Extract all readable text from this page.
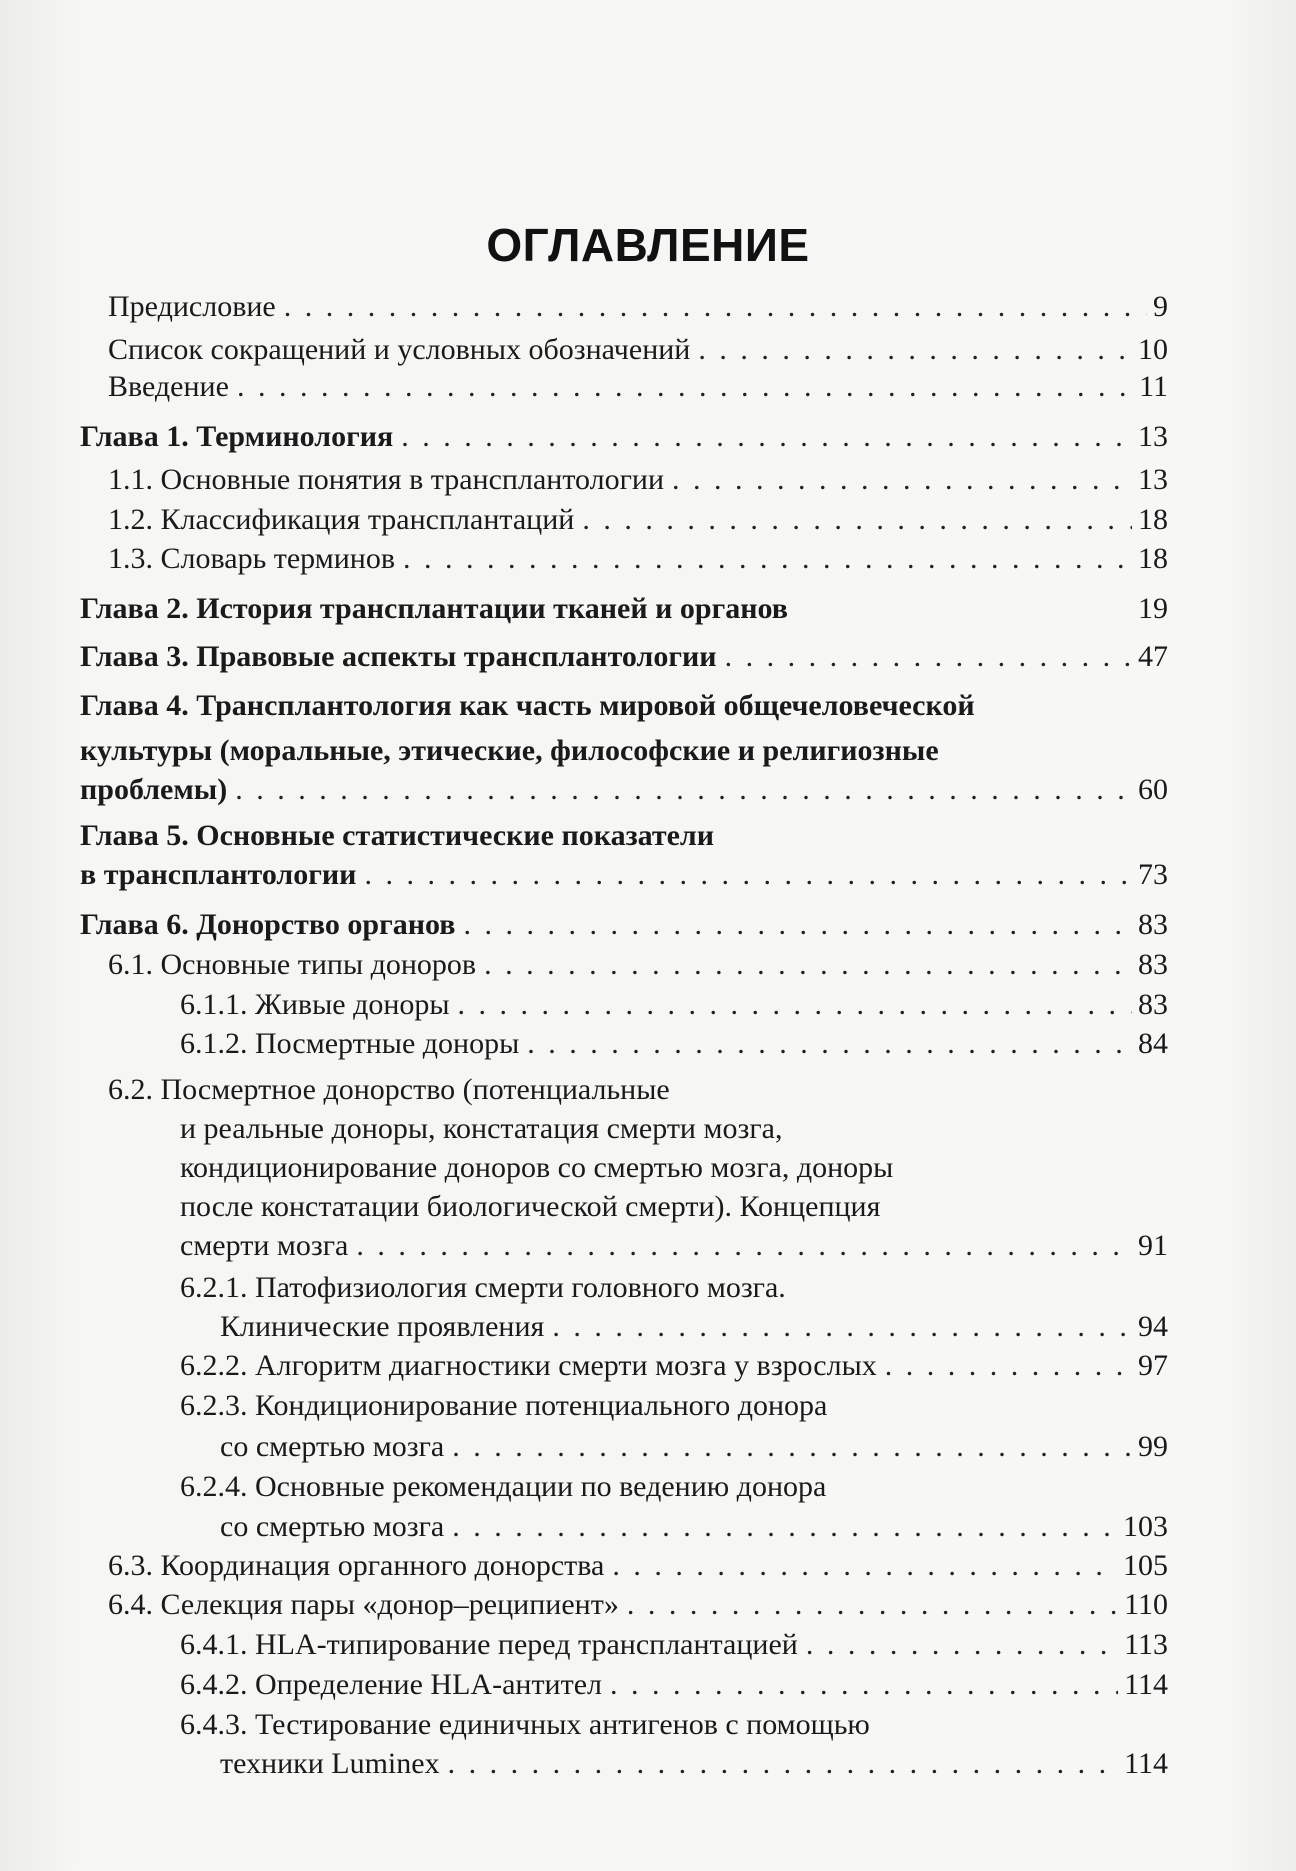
ОГЛАВЛЕНИЕ
Предисловие . . .	9
Список сокращений и условных обозначений . . .	10
Введение . . .	11
Глава 1. Терминология . . .	13
1.1. Основные понятия в трансплантологии . . .	13
1.2. Классификация трансплантаций . . .	18
1.3. Словарь терминов . . .	18
Глава 2. История трансплантации тканей и органов	19
Глава 3. Правовые аспекты трансплантологии . . .	47
Глава 4. Трансплантология как часть мировой общечеловеческой
культуры (моральные, этические, философские и религиозные
проблемы) . . .	60
Глава 5. Основные статистические показатели
в трансплантологии . . .	73
Глава 6. Донорство органов . . .	83
6.1. Основные типы доноров . . .	83
6.1.1. Живые доноры . . .	83
6.1.2. Посмертные доноры . . .	84
6.2. Посмертное донорство (потенциальные
и реальные доноры, констатация смерти мозга,
кондиционирование доноров со смертью мозга, доноры
после констатации биологической смерти). Концепция
смерти мозга . . .	91
6.2.1. Патофизиология смерти головного мозга.
Клинические проявления . . .	94
6.2.2. Алгоритм диагностики смерти мозга у взрослых . . .	97
6.2.3. Кондиционирование потенциального донора
со смертью мозга . . .	99
6.2.4. Основные рекомендации по ведению донора
со смертью мозга . . .	103
6.3. Координация органного донорства . . .	105
6.4. Селекция пары «донор–реципиент» . . .	110
6.4.1. HLA-типирование перед трансплантацией . . .	113
6.4.2. Определение HLA-антител . . .	114
6.4.3. Тестирование единичных антигенов с помощью
техники Luminex . . .	114
